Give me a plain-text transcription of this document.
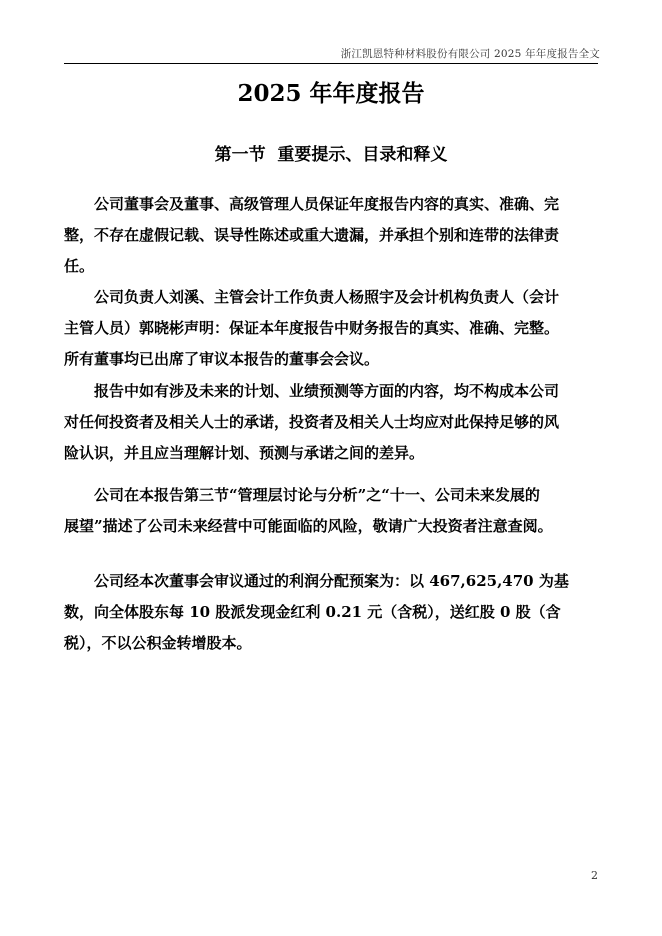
浙江凯恩特种材料股份有限公司 2025 年年度报告全文
2025 年年度报告
第一节  重要提示、目录和释义
公司董事会及董事、高级管理人员保证年度报告内容的真实、准确、完
整，不存在虚假记载、误导性陈述或重大遗漏，并承担个别和连带的法律责
任。
公司负责人刘溪、主管会计工作负责人杨照宇及会计机构负责人（会计
主管人员）郭晓彬声明：保证本年度报告中财务报告的真实、准确、完整。
所有董事均已出席了审议本报告的董事会会议。
报告中如有涉及未来的计划、业绩预测等方面的内容，均不构成本公司
对任何投资者及相关人士的承诺，投资者及相关人士均应对此保持足够的风
险认识，并且应当理解计划、预测与承诺之间的差异。
公司在本报告第三节“管理层讨论与分析”之“十一、公司未来发展的
展望”描述了公司未来经营中可能面临的风险，敬请广大投资者注意查阅。
公司经本次董事会审议通过的利润分配预案为：以 467,625,470 为基
数，向全体股东每 10 股派发现金红利 0.21 元（含税），送红股 0 股（含
税），不以公积金转增股本。
2
